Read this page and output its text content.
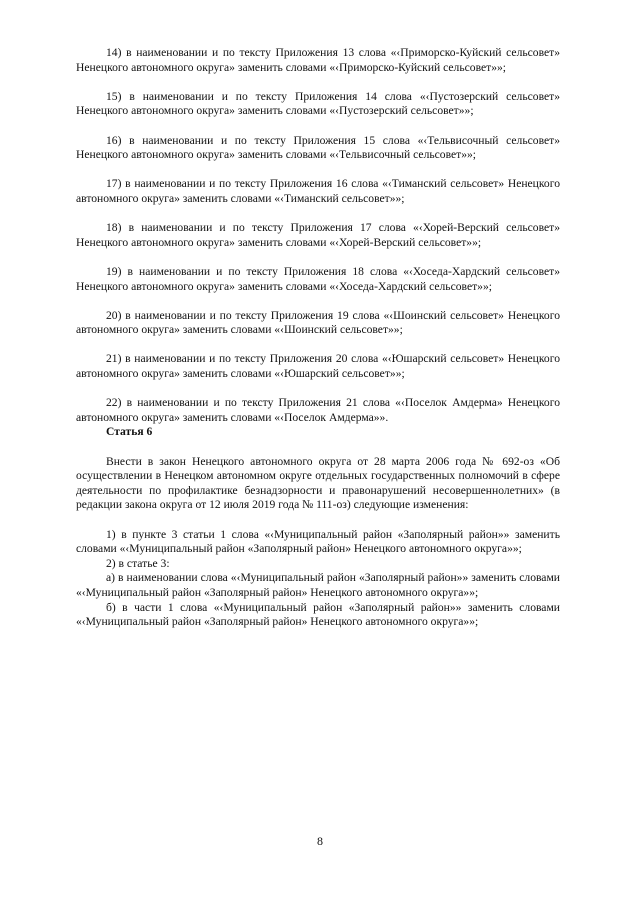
14) в наименовании и по тексту Приложения 13 слова «‹Приморско-Куйский сельсовет» Ненецкого автономного округа» заменить словами «‹Приморско-Куйский сельсовет»»;

15) в наименовании и по тексту Приложения 14 слова «‹Пустозерский сельсовет» Ненецкого автономного округа» заменить словами «‹Пустозерский сельсовет»»;

16) в наименовании и по тексту Приложения 15 слова «‹Тельвисочный сельсовет» Ненецкого автономного округа» заменить словами «‹Тельвисочный сельсовет»»;

17) в наименовании и по тексту Приложения 16 слова «‹Тиманский сельсовет» Ненецкого автономного округа» заменить словами «‹Тиманский сельсовет»»;

18) в наименовании и по тексту Приложения 17 слова «‹Хорей-Верский сельсовет» Ненецкого автономного округа» заменить словами «‹Хорей-Верский сельсовет»»;

19) в наименовании и по тексту Приложения 18 слова «‹Хоседа-Хардский сельсовет» Ненецкого автономного округа» заменить словами «‹Хоседа-Хардский сельсовет»»;

20) в наименовании и по тексту Приложения 19 слова «‹Шоинский сельсовет» Ненецкого автономного округа» заменить словами «‹Шоинский сельсовет»»;

21) в наименовании и по тексту Приложения 20 слова «‹Юшарский сельсовет» Ненецкого автономного округа» заменить словами «‹Юшарский сельсовет»»;

22) в наименовании и по тексту Приложения 21 слова «‹Поселок Амдерма» Ненецкого автономного округа» заменить словами «‹Поселок Амдерма»».

Статья 6

Внести в закон Ненецкого автономного округа от 28 марта 2006 года № 692-оз «Об осуществлении в Ненецком автономном округе отдельных государственных полномочий в сфере деятельности по профилактике безнадзорности и правонарушений несовершеннолетних» (в редакции закона округа от 12 июля 2019 года № 111-оз) следующие изменения:

1) в пункте 3 статьи 1 слова «‹Муниципальный район «Заполярный район»» заменить словами «‹Муниципальный район «Заполярный район» Ненецкого автономного округа»»;

2) в статье 3:

а) в наименовании слова «‹Муниципальный район «Заполярный район»» заменить словами «‹Муниципальный район «Заполярный район» Ненецкого автономного округа»»;

б) в части 1 слова «‹Муниципальный район «Заполярный район»» заменить словами «‹Муниципальный район «Заполярный район» Ненецкого автономного округа»»;

8
